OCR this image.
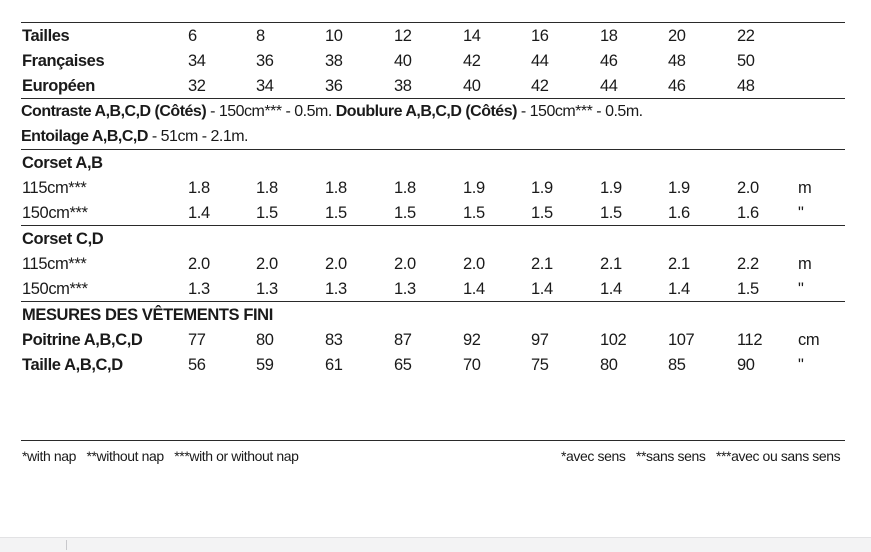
Tailles	6	8	10	12	14	16	18	20	22
Françaises	34	36	38	40	42	44	46	48	50
Européen	32	34	36	38	40	42	44	46	48
Contraste A,B,C,D (Côtés) - 150cm*** - 0.5m. Doublure A,B,C,D (Côtés) - 150cm*** - 0.5m.
Entoilage A,B,C,D - 51cm - 2.1m.
Corset A,B
115cm***	1.8	1.8	1.8	1.8	1.9	1.9	1.9	1.9	2.0 m
150cm***	1.4	1.5	1.5	1.5	1.5	1.5	1.5	1.6	1.6 "
Corset C,D
115cm***	2.0	2.0	2.0	2.0	2.0	2.1	2.1	2.1	2.2 m
150cm***	1.3	1.3	1.3	1.3	1.4	1.4	1.4	1.4	1.5 "
MESURES DES VÊTEMENTS FINI
Poitrine A,B,C,D	77	80	83	87	92	97	102	107	112 cm
Taille A,B,C,D	56	59	61	65	70	75	80	85	90	"
*with nap   **without nap   ***with or without nap	*avec sens   **sans sens   ***avec ou sans sens
